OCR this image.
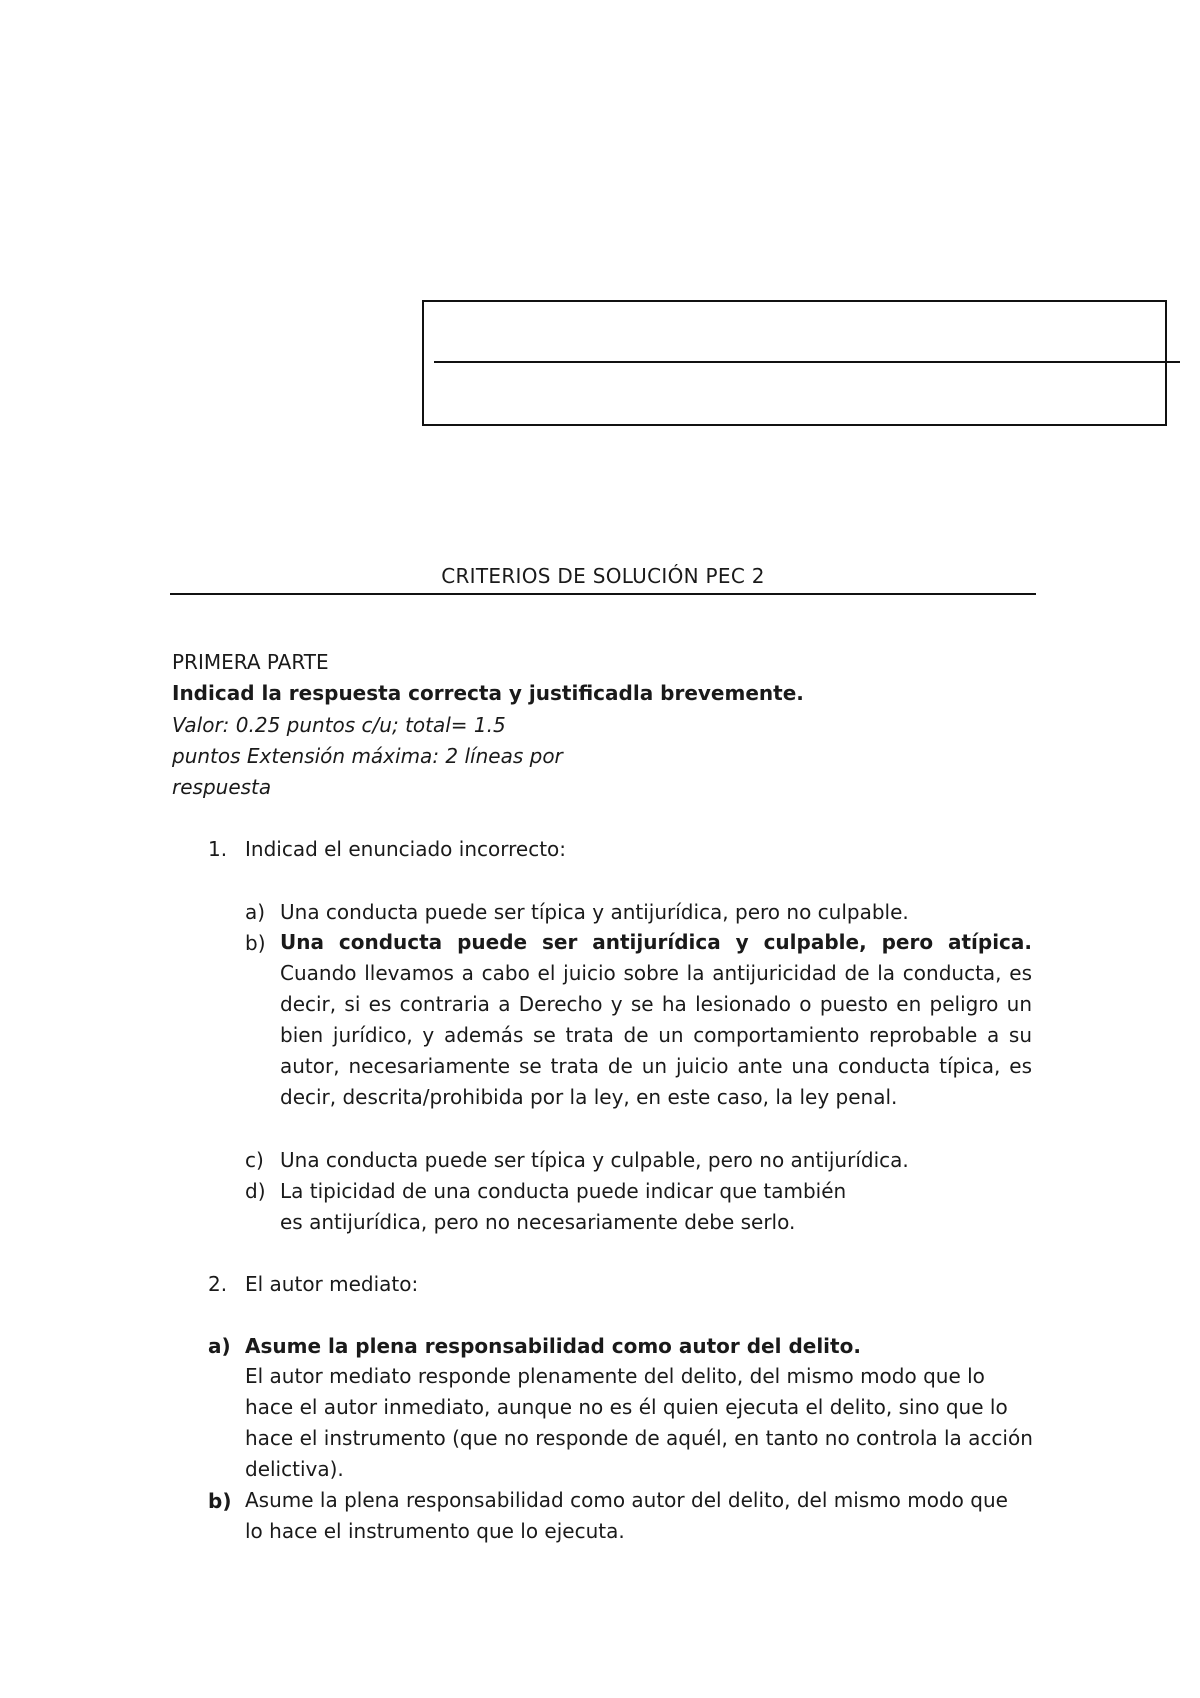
CRITERIOS DE SOLUCIÓN PEC 2
PRIMERA PARTE
Indicad la respuesta correcta y justificadla brevemente.
Valor: 0.25 puntos c/u; total= 1.5
puntos Extensión máxima: 2 líneas por
respuesta
1. Indicad el enunciado incorrecto:
a) Una conducta puede ser típica y antijurídica, pero no culpable.
b) Una conducta puede ser antijurídica y culpable, pero atípica. Cuando llevamos a cabo el juicio sobre la antijuricidad de la conducta, es decir, si es contraria a Derecho y se ha lesionado o puesto en peligro un bien jurídico, y además se trata de un comportamiento reprobable a su autor, necesariamente se trata de un juicio ante una conducta típica, es decir, descrita/prohibida por la ley, en este caso, la ley penal.
c) Una conducta puede ser típica y culpable, pero no antijurídica.
d) La tipicidad de una conducta puede indicar que también
es antijurídica, pero no necesariamente debe serlo.
2. El autor mediato:
a) Asume la plena responsabilidad como autor del delito.
El autor mediato responde plenamente del delito, del mismo modo que lo hace el autor inmediato, aunque no es él quien ejecuta el delito, sino que lo hace el instrumento (que no responde de aquél, en tanto no controla la acción delictiva).
b) Asume la plena responsabilidad como autor del delito, del mismo modo que lo hace el instrumento que lo ejecuta.
